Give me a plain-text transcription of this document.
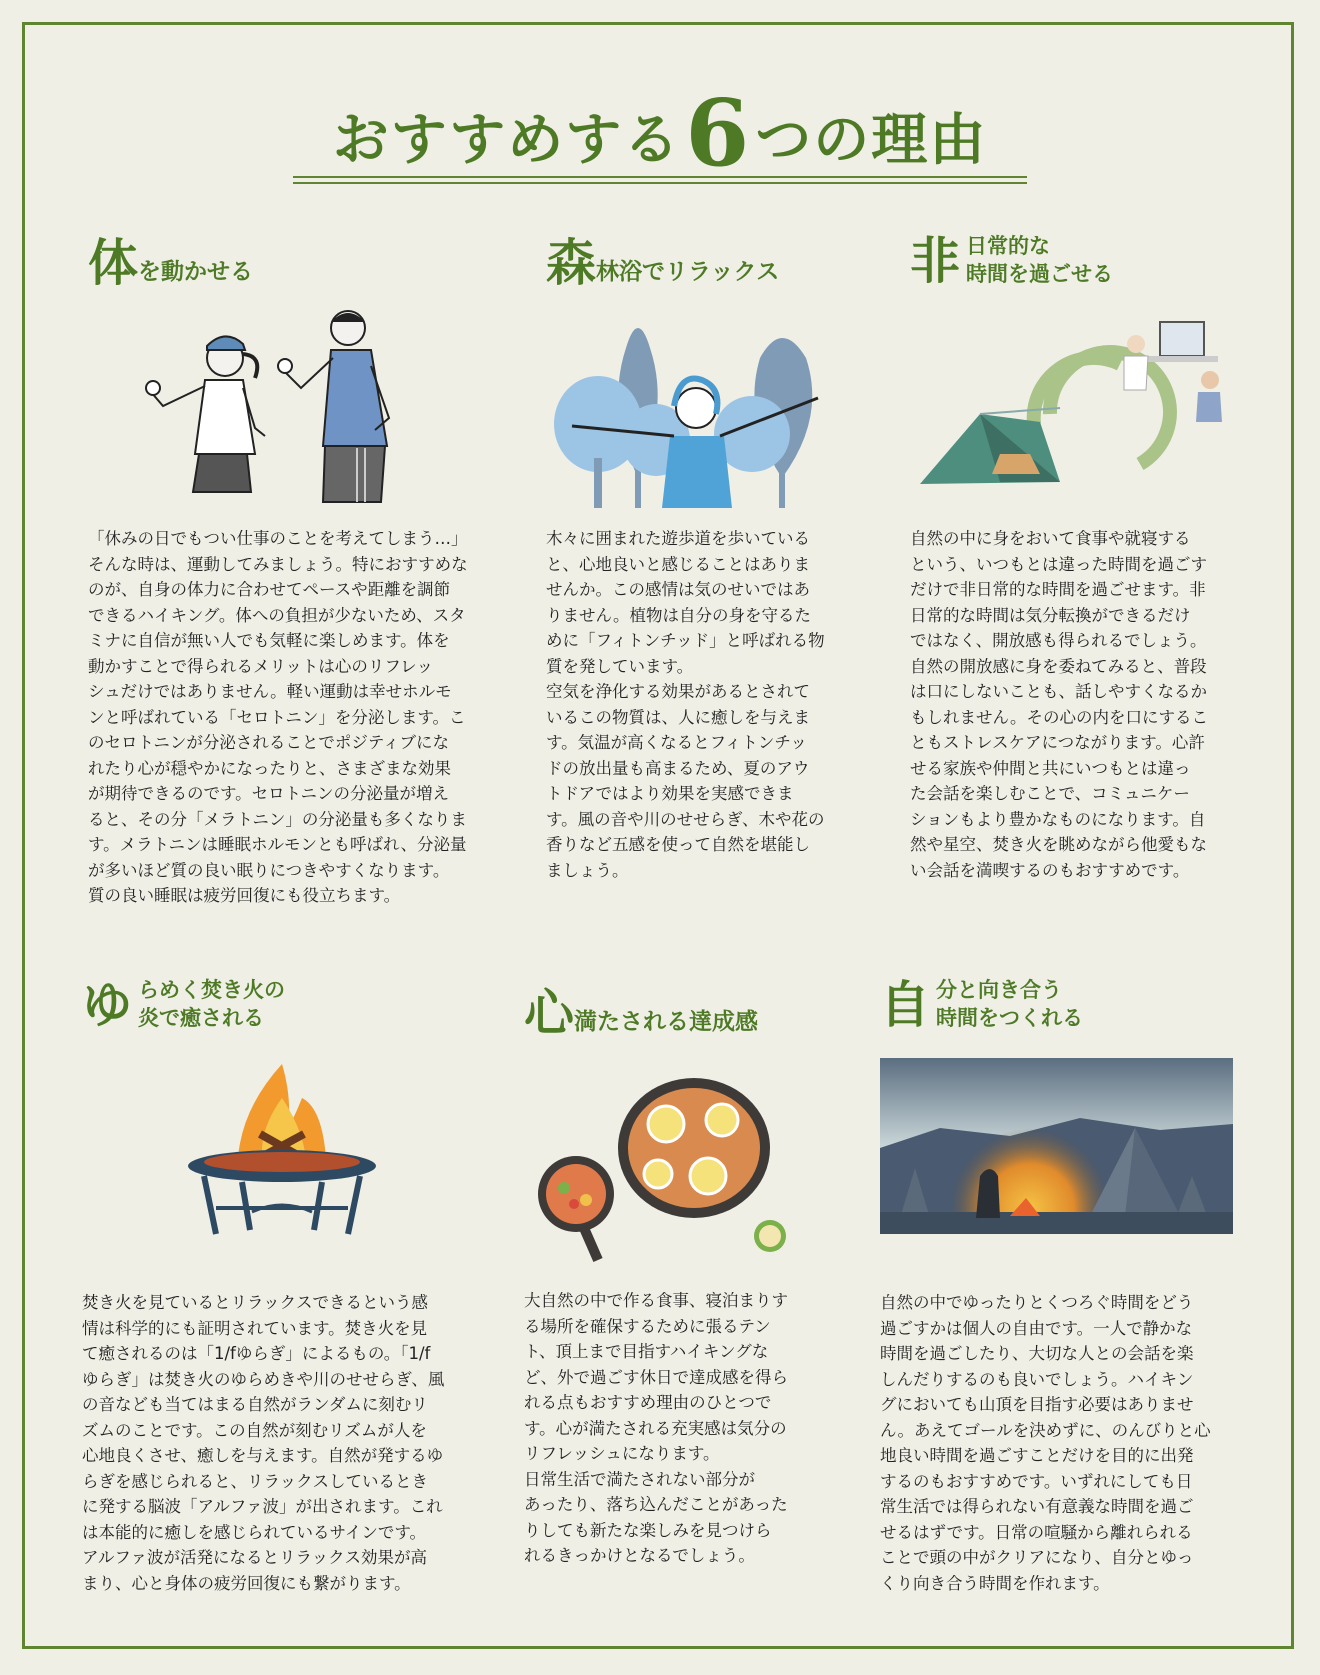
おすすめする6つの理由
体を動かせる
「休みの日でもつい仕事のことを考えてしまう…」
そんな時は、運動してみましょう。特におすすめな
のが、自身の体力に合わせてペースや距離を調節
できるハイキング。体への負担が少ないため、スタ
ミナに自信が無い人でも気軽に楽しめます。体を
動かすことで得られるメリットは心のリフレッ
シュだけではありません。軽い運動は幸せホルモ
ンと呼ばれている「セロトニン」を分泌します。こ
のセロトニンが分泌されることでポジティブにな
れたり心が穏やかになったりと、さまざまな効果
が期待できるのです。セロトニンの分泌量が増え
ると、その分「メラトニン」の分泌量も多くなりま
す。メラトニンは睡眠ホルモンとも呼ばれ、分泌量
が多いほど質の良い眠りにつきやすくなります。
質の良い睡眠は疲労回復にも役立ちます。
森林浴でリラックス
木々に囲まれた遊歩道を歩いている
と、心地良いと感じることはありま
せんか。この感情は気のせいではあ
りません。植物は自分の身を守るた
めに「フィトンチッド」と呼ばれる物
質を発しています。
空気を浄化する効果があるとされて
いるこの物質は、人に癒しを与えま
す。気温が高くなるとフィトンチッ
ドの放出量も高まるため、夏のアウ
トドアではより効果を実感できま
す。風の音や川のせせらぎ、木や花の
香りなど五感を使って自然を堪能し
ましょう。
非 日常的な
時間を過ごせる
自然の中に身をおいて食事や就寝する
という、いつもとは違った時間を過ごす
だけで非日常的な時間を過ごせます。非
日常的な時間は気分転換ができるだけ
ではなく、開放感も得られるでしょう。
自然の開放感に身を委ねてみると、普段
は口にしないことも、話しやすくなるか
もしれません。その心の内を口にするこ
ともストレスケアにつながります。心許
せる家族や仲間と共にいつもとは違っ
た会話を楽しむことで、コミュニケー
ションもより豊かなものになります。自
然や星空、焚き火を眺めながら他愛もな
い会話を満喫するのもおすすめです。
ゆ らめく焚き火の
炎で癒される
焚き火を見ているとリラックスできるという感
情は科学的にも証明されています。焚き火を見
て癒されるのは「1/fゆらぎ」によるもの。「1/f
ゆらぎ」は焚き火のゆらめきや川のせせらぎ、風
の音なども当てはまる自然がランダムに刻むリ
ズムのことです。この自然が刻むリズムが人を
心地良くさせ、癒しを与えます。自然が発するゆ
らぎを感じられると、リラックスしているとき
に発する脳波「アルファ波」が出されます。これ
は本能的に癒しを感じられているサインです。
アルファ波が活発になるとリラックス効果が高
まり、心と身体の疲労回復にも繋がります。
心満たされる達成感
大自然の中で作る食事、寝泊まりす
る場所を確保するために張るテン
ト、頂上まで目指すハイキングな
ど、外で過ごす休日で達成感を得ら
れる点もおすすめ理由のひとつで
す。心が満たされる充実感は気分の
リフレッシュになります。
日常生活で満たされない部分が
あったり、落ち込んだことがあった
りしても新たな楽しみを見つけら
れるきっかけとなるでしょう。
自 分と向き合う
時間をつくれる
自然の中でゆったりとくつろぐ時間をどう
過ごすかは個人の自由です。一人で静かな
時間を過ごしたり、大切な人との会話を楽
しんだりするのも良いでしょう。ハイキン
グにおいても山頂を目指す必要はありませ
ん。あえてゴールを決めずに、のんびりと心
地良い時間を過ごすことだけを目的に出発
するのもおすすめです。いずれにしても日
常生活では得られない有意義な時間を過ご
せるはずです。日常の喧騒から離れられる
ことで頭の中がクリアになり、自分とゆっ
くり向き合う時間を作れます。
